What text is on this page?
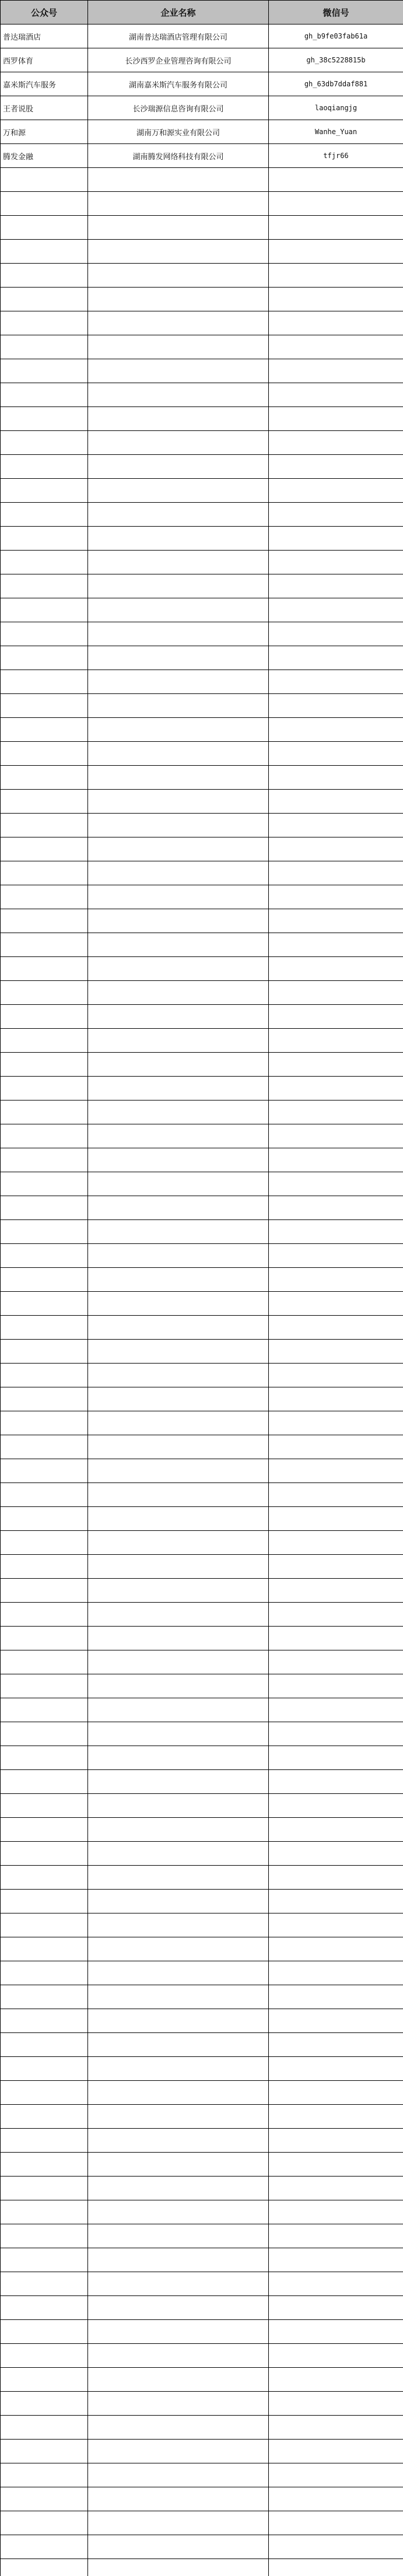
公众号	企业名称	微信号
普达瑞酒店	湖南普达瑞酒店管理有限公司	gh_b9fe03fab61a
西罗体育	长沙西罗企业管理咨询有限公司	gh_38c5228815b
嘉米斯汽车服务	湖南嘉米斯汽车服务有限公司	gh_63db7ddaf881
王者说股	长沙瑞源信息咨询有限公司	laoqiangjg
万和源	湖南万和源实业有限公司	Wanhe_Yuan
腾发金融	湖南腾发网络科技有限公司	tfjr66
